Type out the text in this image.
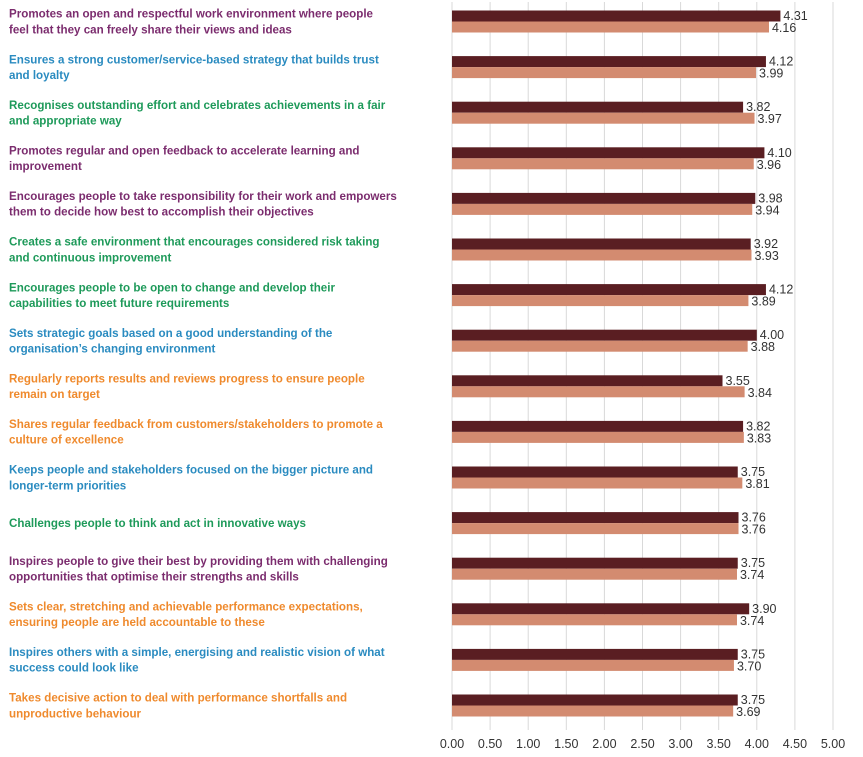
4.31
4.16
4.12
3.99
3.82
3.97
4.10
3.96
3.98
3.94
3.92
3.93
4.12
3.89
4.00
3.88
3.55
3.84
3.82
3.83
3.75
3.81
3.76
3.76
3.75
3.74
3.90
3.74
3.75
3.70
3.75
3.69
Promotes an open and respectful work environment where people feel that they can freely share their views and ideas
Ensures a strong customer/service-based strategy that builds trust and loyalty
Recognises outstanding effort and celebrates achievements in a fair and appropriate way
Promotes regular and open feedback to accelerate learning and improvement
Encourages people to take responsibility for their work and empowers them to decide how best to accomplish their objectives
Creates a safe environment that encourages considered risk taking and continuous improvement
Encourages people to be open to change and develop their capabilities to meet future requirements
Sets strategic goals based on a good understanding of the organisation’s changing environment
Regularly reports results and reviews progress to ensure people remain on target
Shares regular feedback from customers/stakeholders to promote a culture of excellence
Keeps people and stakeholders focused on the bigger picture and longer-term priorities
Challenges people to think and act in innovative ways
Inspires people to give their best by providing them with challenging opportunities that optimise their strengths and skills
Sets clear, stretching and achievable performance expectations, ensuring people are held accountable to these
Inspires others with a simple, energising and realistic vision of what success could look like
Takes decisive action to deal with performance shortfalls and unproductive behaviour
0.00 0.50 1.00 1.50 2.00 2.50 3.00 3.50 4.00 4.50 5.00
